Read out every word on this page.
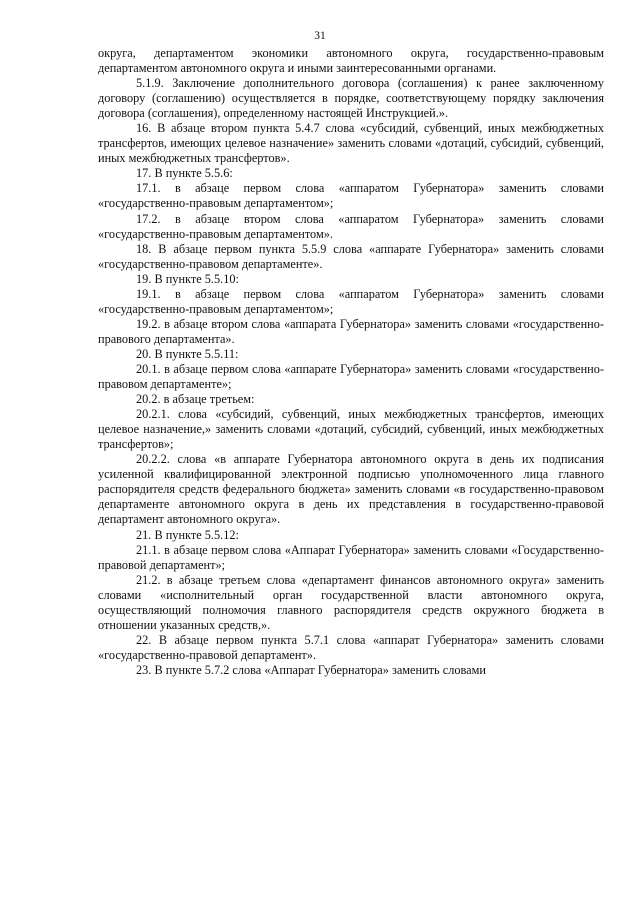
31

округа, департаментом экономики автономного округа, государственно-правовым департаментом автономного округа и иными заинтересованными органами.

5.1.9. Заключение дополнительного договора (соглашения) к ранее заключенному договору (соглашению) осуществляется в порядке, соответствующему порядку заключения договора (соглашения), определенному настоящей Инструкцией.».

16. В абзаце втором пункта 5.4.7 слова «субсидий, субвенций, иных межбюджетных трансфертов, имеющих целевое назначение» заменить словами «дотаций, субсидий, субвенций, иных межбюджетных трансфертов».

17. В пункте 5.5.6:

17.1. в абзаце первом слова «аппаратом Губернатора» заменить словами «государственно-правовым департаментом»;

17.2. в абзаце втором слова «аппаратом Губернатора» заменить словами «государственно-правовым департаментом».

18. В абзаце первом пункта 5.5.9 слова «аппарате Губернатора» заменить словами «государственно-правовом департаменте».

19. В пункте 5.5.10:

19.1. в абзаце первом слова «аппаратом Губернатора» заменить словами «государственно-правовым департаментом»;

19.2. в абзаце втором слова «аппарата Губернатора» заменить словами «государственно-правового департамента».

20. В пункте 5.5.11:

20.1. в абзаце первом слова «аппарате Губернатора» заменить словами «государственно-правовом департаменте»;

20.2. в абзаце третьем:

20.2.1. слова «субсидий, субвенций, иных межбюджетных трансфертов, имеющих целевое назначение,» заменить словами «дотаций, субсидий, субвенций, иных межбюджетных трансфертов»;

20.2.2. слова «в аппарате Губернатора автономного округа в день их подписания усиленной квалифицированной электронной подписью уполномоченного лица главного распорядителя средств федерального бюджета» заменить словами «в государственно-правовом департаменте автономного округа в день их представления в государственно-правовой департамент автономного округа».

21. В пункте 5.5.12:

21.1. в абзаце первом слова «Аппарат Губернатора» заменить словами «Государственно-правовой департамент»;

21.2. в абзаце третьем слова «департамент финансов автономного округа» заменить словами «исполнительный орган государственной власти автономного округа, осуществляющий полномочия главного распорядителя средств окружного бюджета в отношении указанных средств,».

22. В абзаце первом пункта 5.7.1 слова «аппарат Губернатора» заменить словами «государственно-правовой департамент».

23. В пункте 5.7.2 слова «Аппарат Губернатора» заменить словами
